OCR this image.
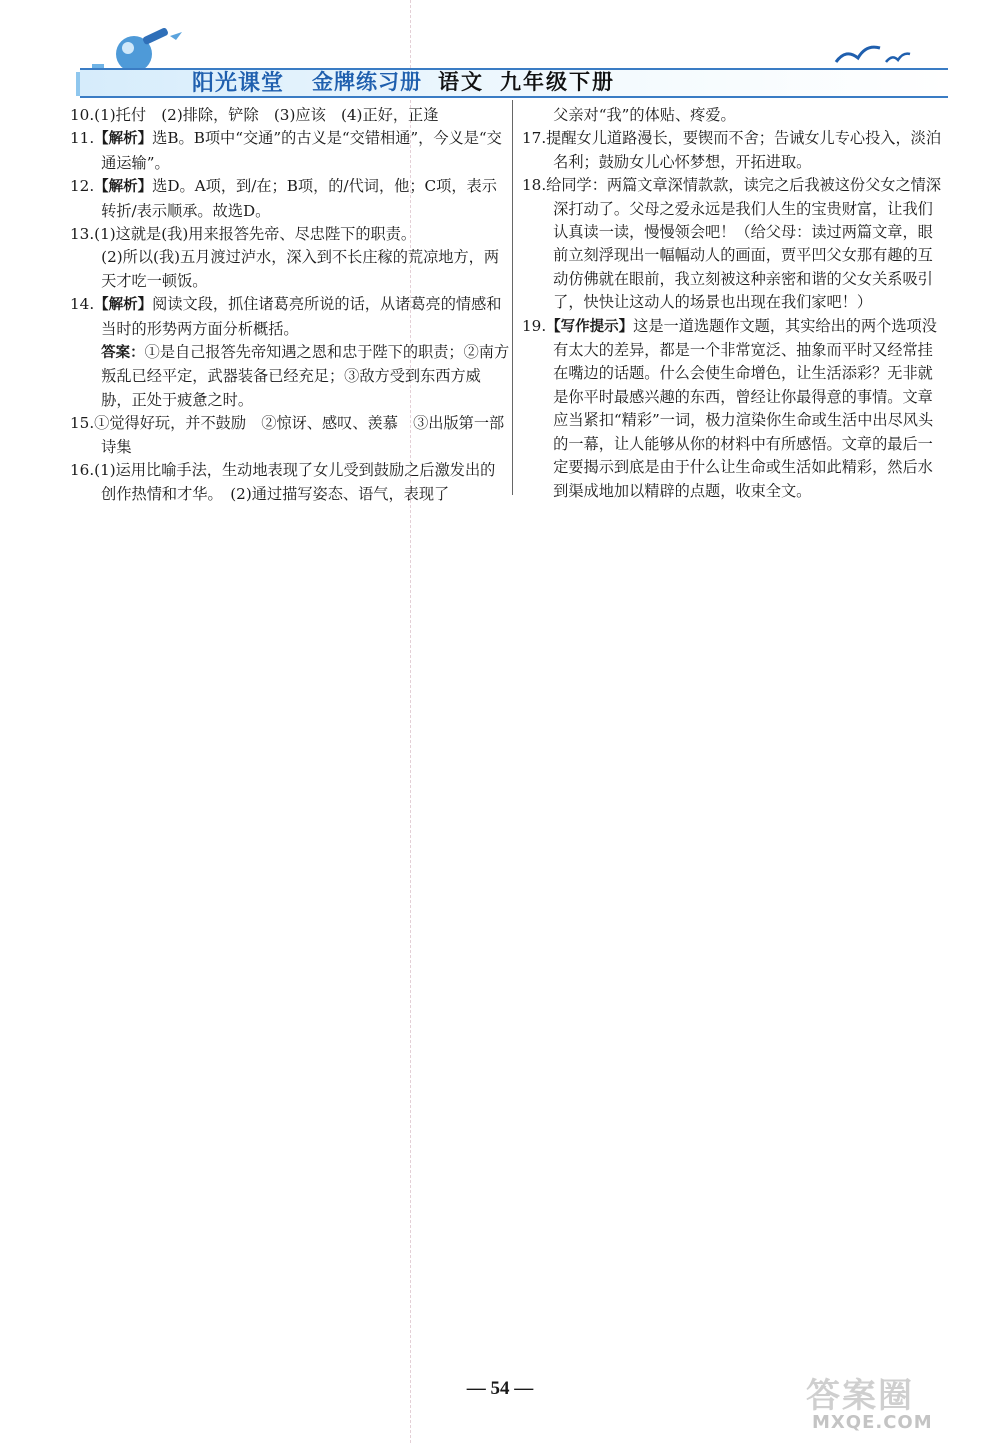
阳光课堂 金牌练习册 语文 九年级下册

10.(1)托付　(2)排除，铲除　(3)应该　(4)正好，正逢

11.【解析】选B。B项中“交通”的古义是“交错相通”，今义是“交通运输”。

12.【解析】选D。A项，到/在；B项，的/代词，他；C项，表示转折/表示顺承。故选D。

13.(1)这就是(我)用来报答先帝、尽忠陛下的职责。

(2)所以(我)五月渡过泸水，深入到不长庄稼的荒凉地方，两天才吃一顿饭。

14.【解析】阅读文段，抓住诸葛亮所说的话，从诸葛亮的情感和当时的形势两方面分析概括。

答案：①是自己报答先帝知遇之恩和忠于陛下的职责；②南方叛乱已经平定，武器装备已经充足；③敌方受到东西方威胁，正处于疲惫之时。

15.①觉得好玩，并不鼓励　②惊讶、感叹、羡慕　③出版第一部诗集

16.(1)运用比喻手法，生动地表现了女儿受到鼓励之后激发出的创作热情和才华。　(2)通过描写姿态、语气，表现了

父亲对“我”的体贴、疼爱。

17.提醒女儿道路漫长，要锲而不舍；告诫女儿专心投入，淡泊名利；鼓励女儿心怀梦想，开拓进取。

18.给同学：两篇文章深情款款，读完之后我被这份父女之情深深打动了。父母之爱永远是我们人生的宝贵财富，让我们认真读一读，慢慢领会吧！（给父母：读过两篇文章，眼前立刻浮现出一幅幅动人的画面，贾平凹父女那有趣的互动仿佛就在眼前，我立刻被这种亲密和谐的父女关系吸引了，快快让这动人的场景也出现在我们家吧！）

19.【写作提示】这是一道选题作文题，其实给出的两个选项没有太大的差异，都是一个非常宽泛、抽象而平时又经常挂在嘴边的话题。什么会使生命增色，让生活添彩？无非就是你平时最感兴趣的东西，曾经让你最得意的事情。文章应当紧扣“精彩”一词，极力渲染你生命或生活中出尽风头的一幕，让人能够从你的材料中有所感悟。文章的最后一定要揭示到底是由于什么让生命或生活如此精彩，然后水到渠成地加以精辟的点题，收束全文。

— 54 —	答案圈
MXQE.COM
